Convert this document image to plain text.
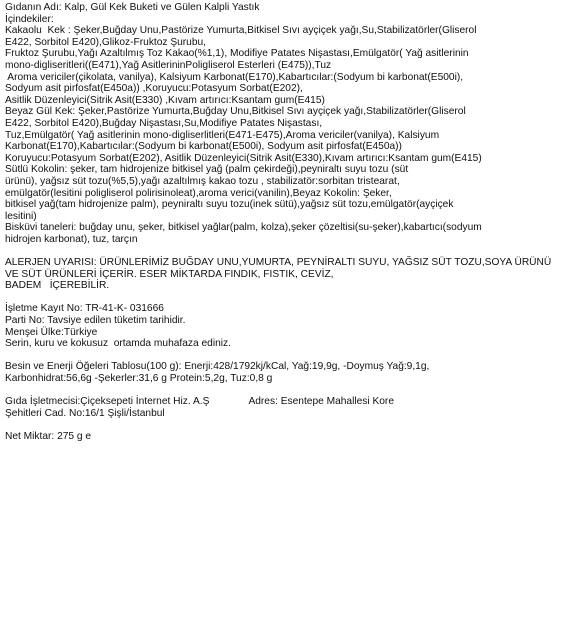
Gıdanın Adı: Kalp, Gül Kek Buketi ve Gülen Kalpli Yastık
İçindekiler:
Kakaolu  Kek : Şeker,Buğday Unu,Pastörize Yumurta,Bitkisel Sıvı ayçiçek yağı,Su,Stabilizatörler(Gliserol
E422, Sorbitol E420),Glikoz-Fruktoz Şurubu,
Fruktoz Şurubu,Yağı Azaltılmış Toz Kakao(%1,1), Modifiye Patates Nişastası,Emülgatör( Yağ asitlerinin
mono-digliseritleri((E471),Yağ AsitlerininPoligliserol Esterleri (E475)),Tuz
Aroma vericiler(çikolata, vanilya), Kalsiyum Karbonat(E170),Kabartıcılar:(Sodyum bi karbonat(E500i),
Sodyum asit pirfosfat(E450a)) ,Koruyucu:Potasyum Sorbat(E202),
Asitlik Düzenleyici(Sitrik Asit(E330) ,Kıvam artırıcı:Ksantam gum(E415)
Beyaz Gül Kek: Şeker,Pastörize Yumurta,Buğday Unu,Bitkisel Sıvı ayçiçek yağı,Stabilizatörler(Gliserol
E422, Sorbitol E420),Buğday Nişastası,Su,Modifiye Patates Nişastası,
Tuz,Emülgatör( Yağ asitlerinin mono-digliserlitleri(E471-E475),Aroma vericiler(vanilya), Kalsiyum
Karbonat(E170),Kabartıcılar:(Sodyum bi karbonat(E500i), Sodyum asit pirfosfat(E450a))
Koruyucu:Potasyum Sorbat(E202), Asitlik Düzenleyici(Sitrik Asit(E330),Kıvam artırıcı:Ksantam gum(E415)
Sütlü Kokolin: şeker, tam hidrojenize bitkisel yağ (palm çekirdeği),peyniraltı suyu tozu (süt
ürünü), yağsız süt tozu(%5,5),yağı azaltılmış kakao tozu , stabilizatör:sorbitan tristearat,
emülgatör(lesitini poligliserol polirisinoleat),aroma verici(vanilin),Beyaz Kokolin: Şeker,
bitkisel yağ(tam hidrojenize palm), peyniraltı suyu tozu(inek sütü),yağsız süt tozu,emülgatör(ayçiçek
lesitini)
Bisküvi taneleri: buğday unu, şeker, bitkisel yağlar(palm, kolza),şeker çözeltisi(su-şeker),kabartıcı(sodyum
hidrojen karbonat), tuz, tarçın
ALERJEN UYARISI: ÜRÜNLERİMİZ BUĞDAY UNU,YUMURTA, PEYNİRALTI SUYU, YAĞSIZ SÜT TOZU,SOYA ÜRÜNÜ
VE SÜT ÜRÜNLERİ İÇERİR. ESER MİKTARDA FINDIK, FISTIK, CEVİZ,
BADEM   İÇEREBİLİR.
İşletme Kayıt No: TR-41-K- 031666
Parti No: Tavsiye edilen tüketim tarihidir.
Menşei Ülke:Türkiye
Serin, kuru ve kokusuz  ortamda muhafaza ediniz.
Besin ve Enerji Öğeleri Tablosu(100 g): Enerji:428/1792kj/kCal, Yağ:19,9g, -Doymuş Yağ:9,1g,
Karbonhidrat:56,6g -Şekerler:31,6 g Protein:5,2g, Tuz:0,8 g
Gıda İşletmecisi:Çiçeksepeti İnternet Hiz. A.Ş              Adres: Esentepe Mahallesi Kore
Şehitleri Cad. No:16/1 Şişli/İstanbul
Net Miktar: 275 g e
